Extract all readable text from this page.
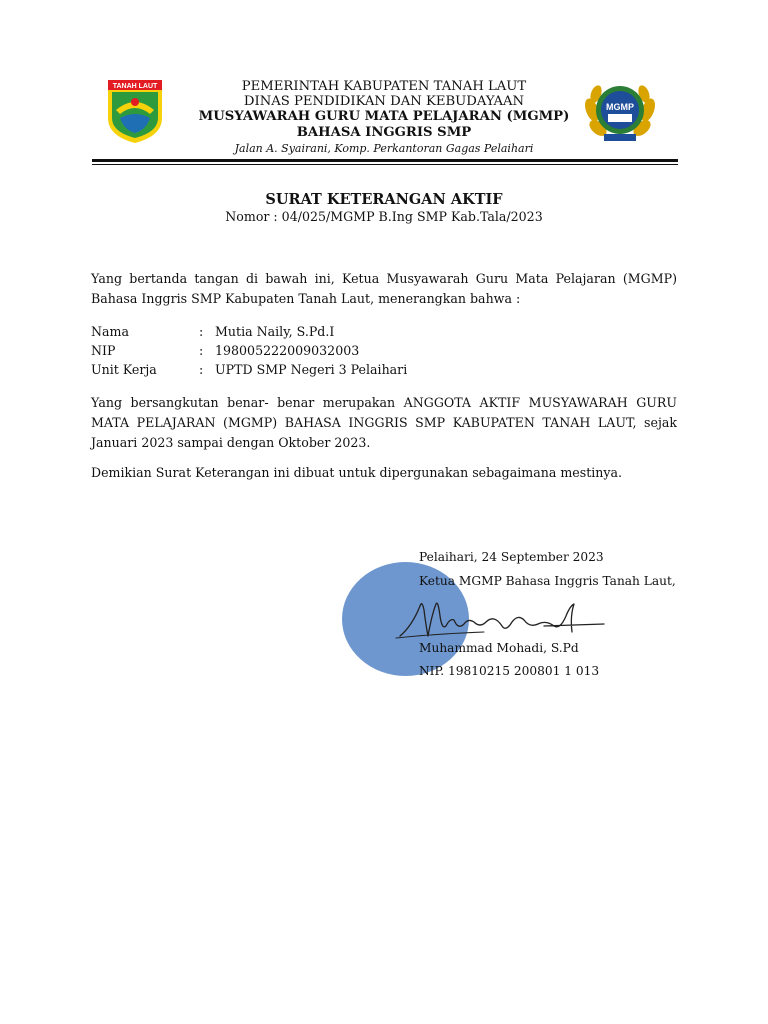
TANAH LAUT	PEMERINTAH KABUPATEN TANAH LAUT
DINAS PENDIDIKAN DAN KEBUDAYAAN
MUSYAWARAH GURU MATA PELAJARAN (MGMP)
BAHASA INGGRIS SMP
Jalan A. Syairani, Komp. Perkantoran Gagas Pelaihari
MGMP
SURAT KETERANGAN AKTIF
Nomor : 04/025/MGMP B.Ing SMP Kab.Tala/2023
Yang bertanda tangan di bawah ini, Ketua Musyawarah Guru Mata Pelajaran (MGMP) Bahasa Inggris SMP Kabupaten Tanah Laut, menerangkan bahwa :
Nama	: Mutia Naily, S.Pd.I
NIP	: 198005222009032003
Unit Kerja	: UPTD SMP Negeri 3 Pelaihari
Yang bersangkutan benar- benar merupakan ANGGOTA AKTIF MUSYAWARAH GURU MATA PELAJARAN (MGMP) BAHASA INGGRIS SMP KABUPATEN TANAH LAUT, sejak Januari 2023 sampai dengan Oktober 2023.
Demikian Surat Keterangan ini dibuat untuk dipergunakan sebagaimana mestinya.
Pelaihari, 24 September 2023
Ketua MGMP Bahasa Inggris Tanah Laut,
Muhammad Mohadi, S.Pd
NIP. 19810215 200801 1 013
